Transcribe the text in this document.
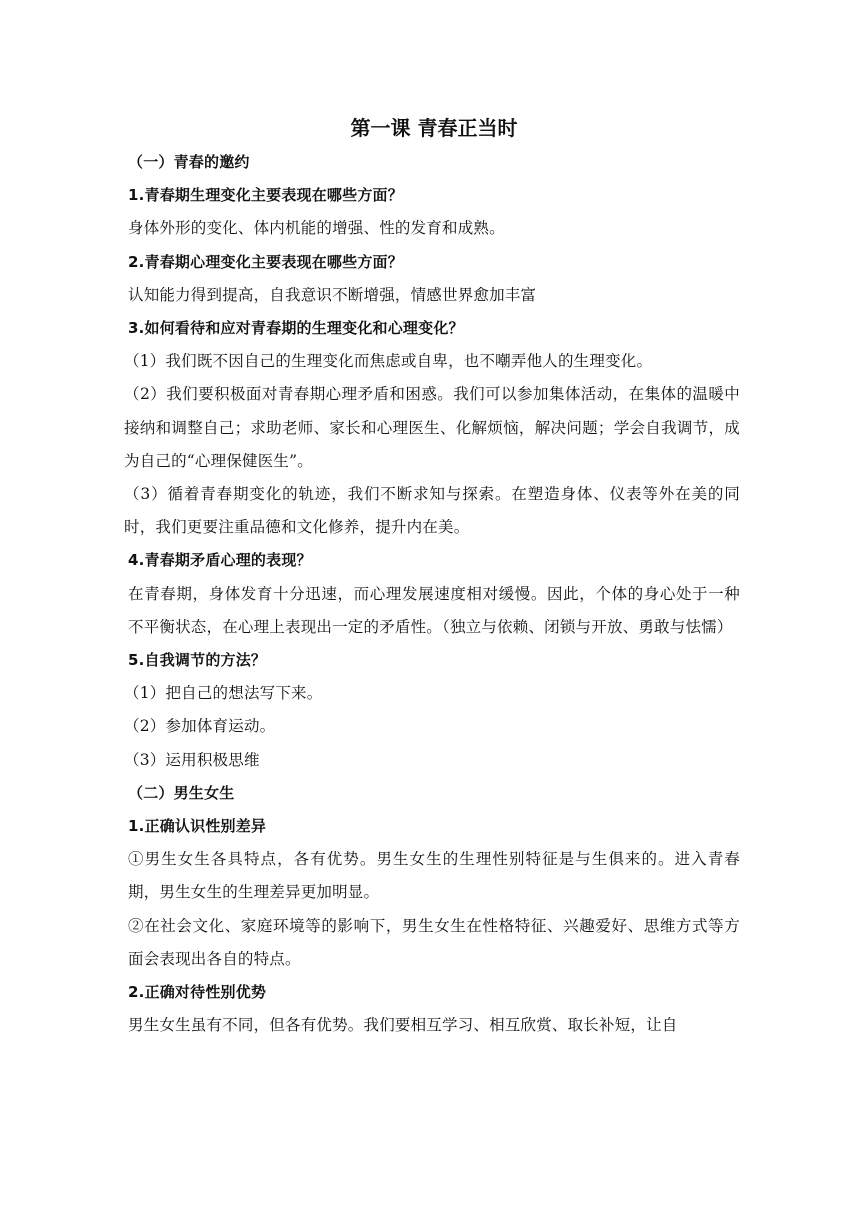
第一课 青春正当时

（一）青春的邀约

1.青春期生理变化主要表现在哪些方面？

身体外形的变化、体内机能的增强、性的发育和成熟。

2.青春期心理变化主要表现在哪些方面？

认知能力得到提高，自我意识不断增强，情感世界愈加丰富

3.如何看待和应对青春期的生理变化和心理变化？

（1）我们既不因自己的生理变化而焦虑或自卑，也不嘲弄他人的生理变化。

（2）我们要积极面对青春期心理矛盾和困惑。我们可以参加集体活动，在集体的温暖中接纳和调整自己；求助老师、家长和心理医生、化解烦恼，解决问题；学会自我调节，成为自己的“心理保健医生”。

（3）循着青春期变化的轨迹，我们不断求知与探索。在塑造身体、仪表等外在美的同时，我们更要注重品德和文化修养，提升内在美。

4.青春期矛盾心理的表现？

在青春期，身体发育十分迅速，而心理发展速度相对缓慢。因此，个体的身心处于一种不平衡状态，在心理上表现出一定的矛盾性。（独立与依赖、闭锁与开放、勇敢与怯懦）

5.自我调节的方法？

（1）把自己的想法写下来。

（2）参加体育运动。

（3）运用积极思维

（二）男生女生

1.正确认识性别差异

①男生女生各具特点，各有优势。男生女生的生理性别特征是与生俱来的。进入青春期，男生女生的生理差异更加明显。

②在社会文化、家庭环境等的影响下，男生女生在性格特征、兴趣爱好、思维方式等方面会表现出各自的特点。

2.正确对待性别优势

男生女生虽有不同，但各有优势。我们要相互学习、相互欣赏、取长补短，让自
